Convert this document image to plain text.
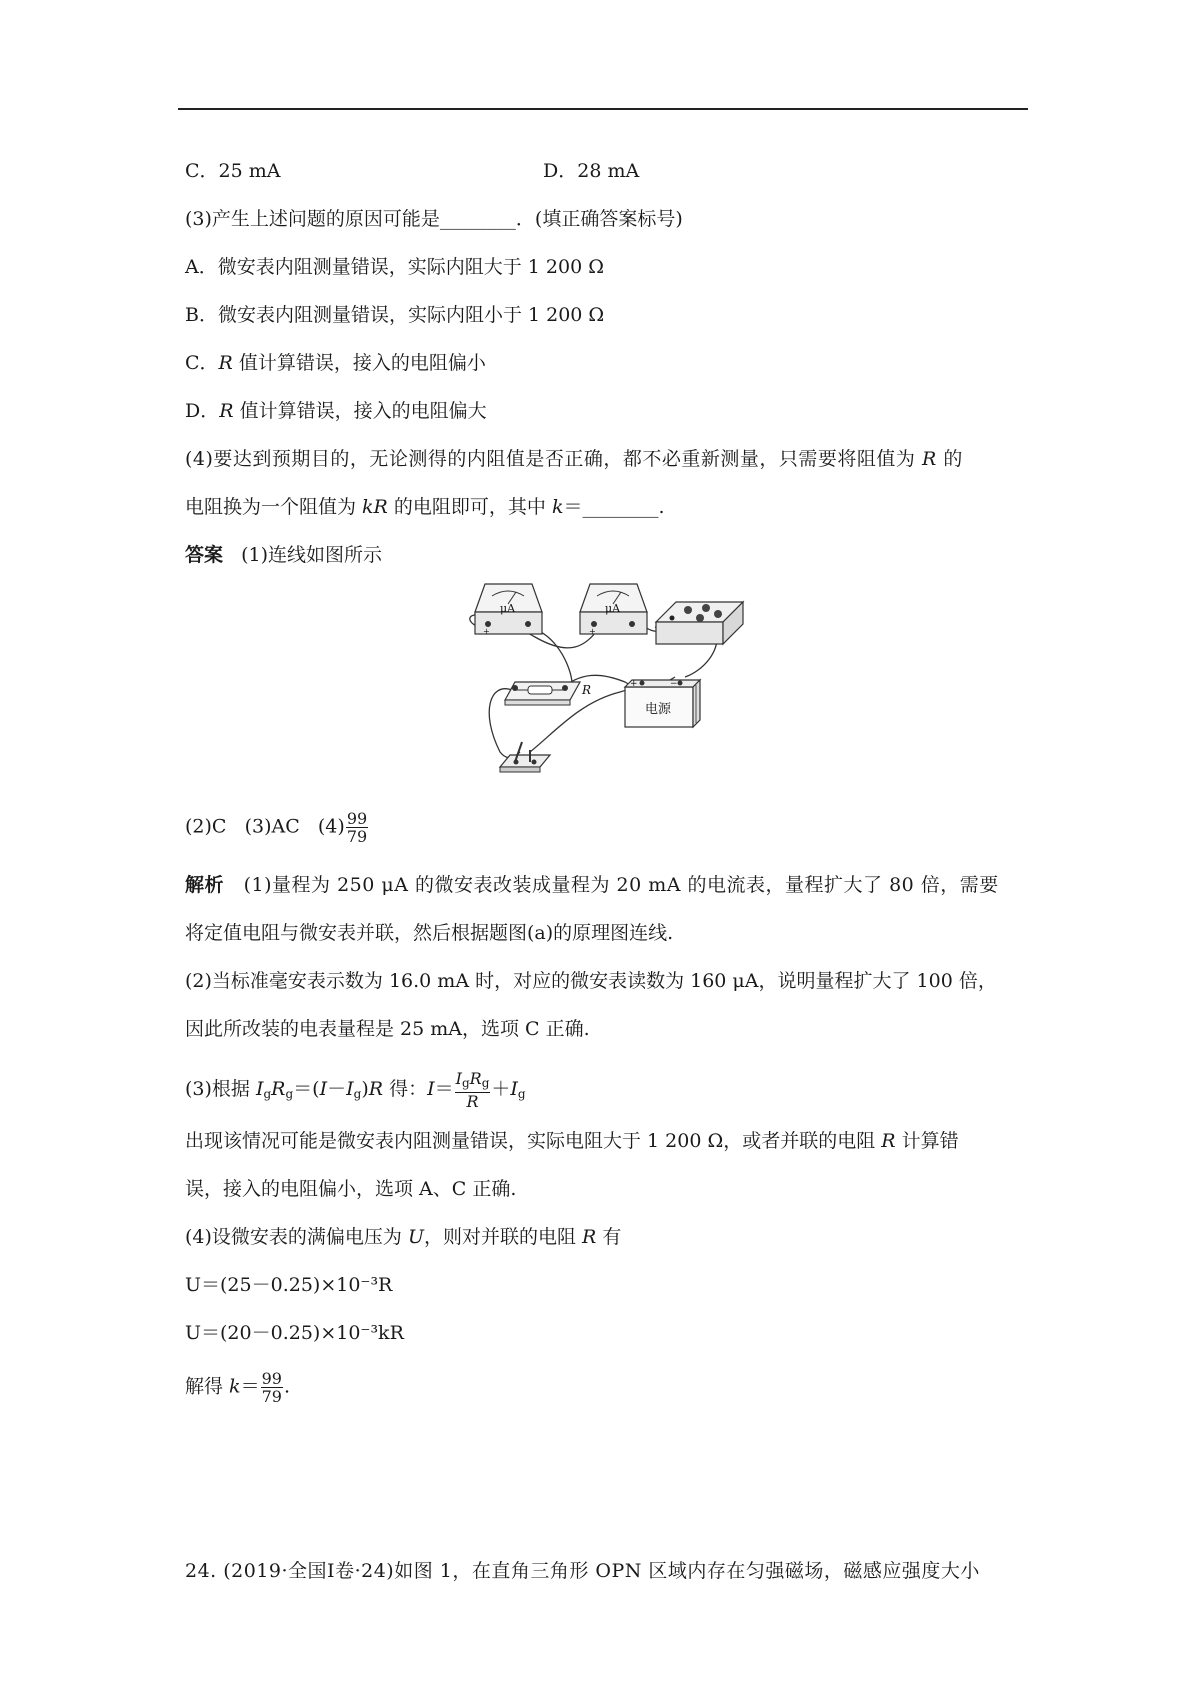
C．25 mA	D．28 mA
(3)产生上述问题的原因可能是________．(填正确答案标号)
A．微安表内阻测量错误，实际内阻大于 1 200 Ω
B．微安表内阻测量错误，实际内阻小于 1 200 Ω
C．R 值计算错误，接入的电阻偏小
D．R 值计算错误，接入的电阻偏大
(4)要达到预期目的，无论测得的内阻值是否正确，都不必重新测量，只需要将阻值为 R 的
电阻换为一个阻值为 kR 的电阻即可，其中 k＝________.
答案 (1)连线如图所示
μA
+
μA
+
R	+	−
电源
(2)C (3)AC $(4) \frac{99}{79}$
解析 (1)量程为 250 μA 的微安表改装成量程为 20 mA 的电流表，量程扩大了 80 倍，需要
将定值电阻与微安表并联，然后根据题图(a)的原理图连线.
(2)当标准毫安表示数为 16.0 mA 时，对应的微安表读数为 160 μA，说明量程扩大了 100 倍，
因此所改装的电表量程是 25 mA，选项 C 正确.
(3)根据 $I_gR_g=(I-I_g)R$ 得：$I= \frac{I_gR_g}{R} +I_g$
出现该情况可能是微安表内阻测量错误，实际电阻大于 1 200 Ω，或者并联的电阻 R 计算错
误，接入的电阻偏小，选项 A、C 正确.
(4)设微安表的满偏电压为 U，则对并联的电阻 R 有
U＝(25－0.25)×10⁻³R
U＝(20－0.25)×10⁻³kR
解得 $k= \frac{99}{79}$ .
24. (2019·全国Ⅰ卷·24)如图 1，在直角三角形 OPN 区域内存在匀强磁场，磁感应强度大小
